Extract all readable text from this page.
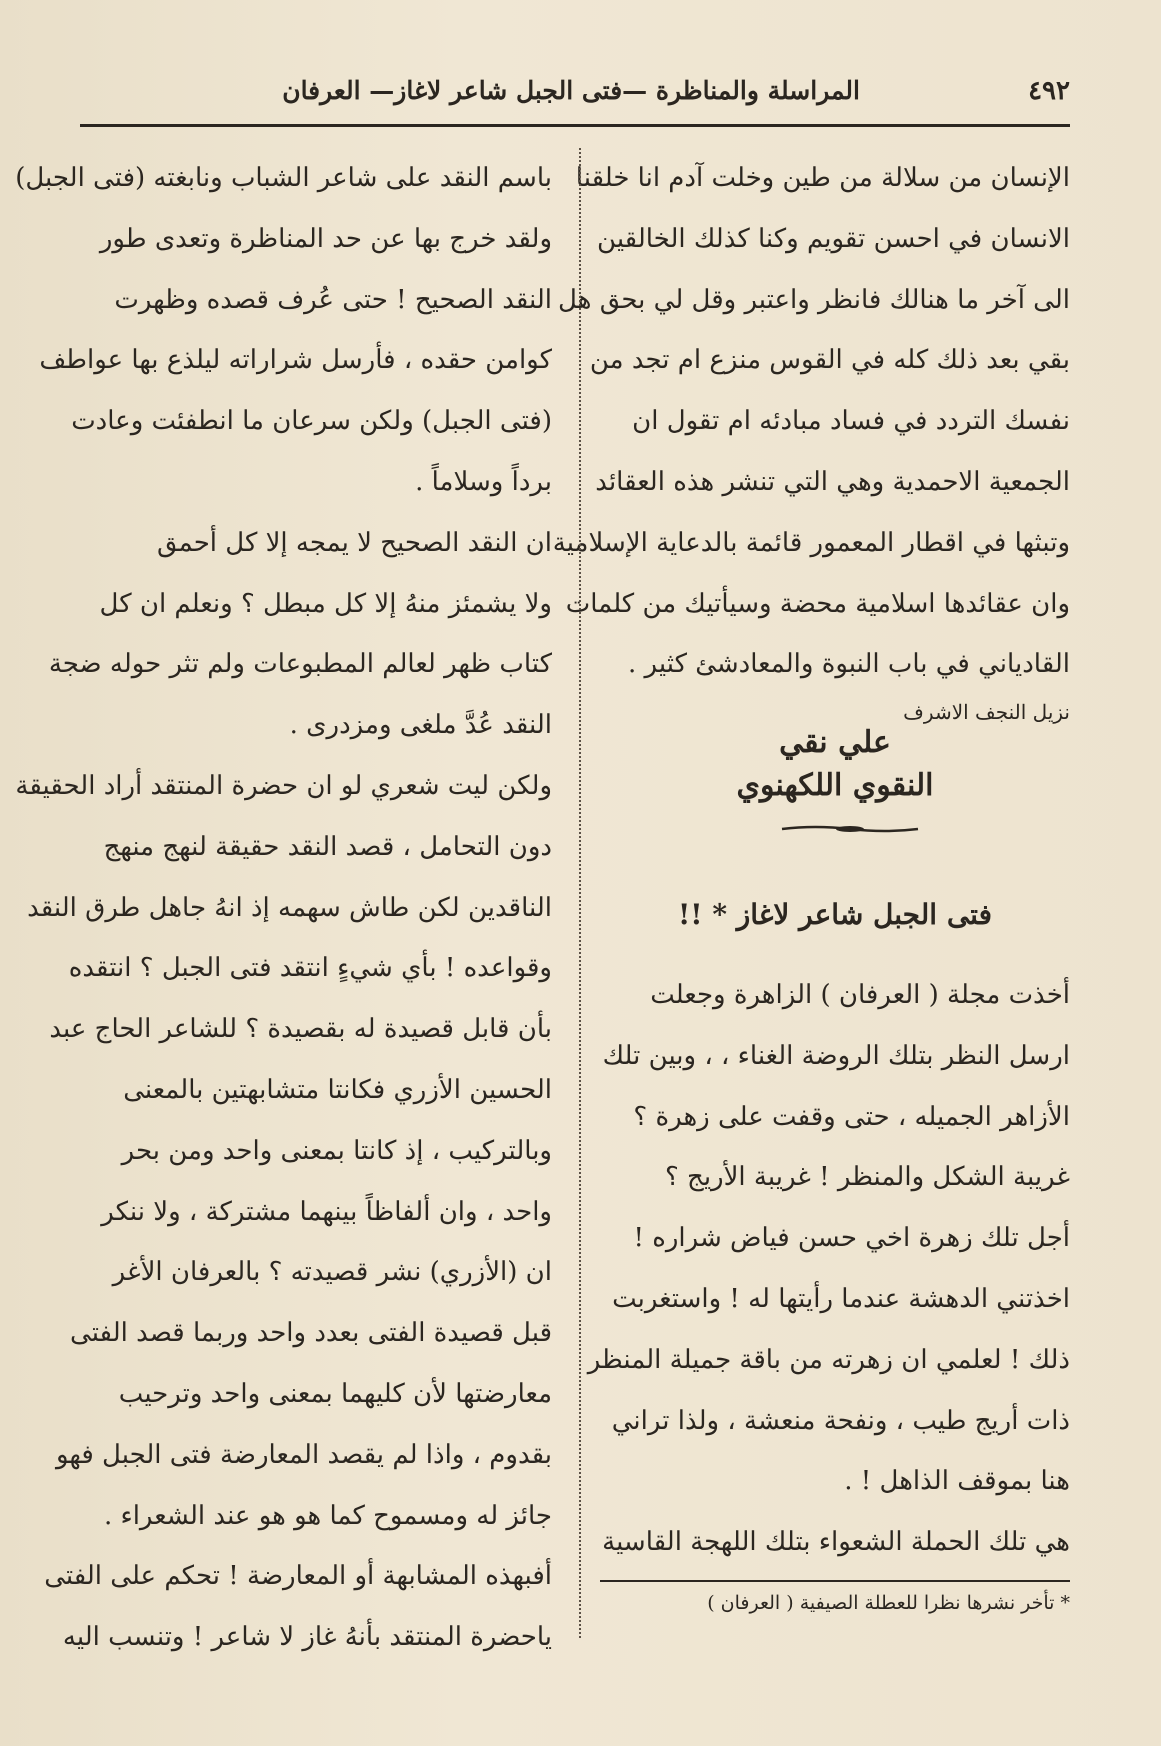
٤٩٢
المراسلة والمناظرة —فتى الجبل شاعر لاغاز— العرفان
الإنسان من سلالة من طين وخلت آدم انا خلقنا
الانسان في احسن تقويم وكنا كذلك الخالقين
الى آخر ما هنالك فانظر واعتبر وقل لي بحق هل
بقي بعد ذلك كله في القوس منزع ام تجد من
نفسك التردد في فساد مبادئه ام تقول ان
الجمعية الاحمدية وهي التي تنشر هذه العقائد
وتبثها في اقطار المعمور قائمة بالدعاية الإسلامية
وان عقائدها اسلامية محضة وسيأتيك من كلمات
القادياني في باب النبوة والمعادشئ كثير .
نزيل النجف الاشرف
علي نقي
النقوي اللكهنوي
فتى الجبل شاعر لاغاز * !!
أخذت مجلة ( العرفان ) الزاهرة وجعلت
ارسل النظر بتلك الروضة الغناء ، ، وبين تلك
الأزاهر الجميله ، حتى وقفت على زهرة ؟
غريبة الشكل والمنظر ! غريبة الأريج ؟
أجل تلك زهرة اخي حسن فياض شراره !
اخذتني الدهشة عندما رأيتها له ! واستغربت
ذلك ! لعلمي ان زهرته من باقة جميلة المنظر
ذات أريج طيب ، ونفحة منعشة ، ولذا تراني
هنا بموقف الذاهل ! .
هي تلك الحملة الشعواء بتلك اللهجة القاسية
* تأخر نشرها نظرا للعطلة الصيفية ( العرفان )
باسم النقد على شاعر الشباب ونابغته (فتى الجبل)
ولقد خرج بها عن حد المناظرة وتعدى طور
النقد الصحيح ! حتى عُرف قصده وظهرت
كوامن حقده ، فأرسل شراراته ليلذع بها عواطف
(فتى الجبل) ولكن سرعان ما انطفئت وعادت
برداً وسلاماً .
ان النقد الصحيح لا يمجه إلا كل أحمق
ولا يشمئز منهُ إلا كل مبطل ؟ ونعلم ان كل
كتاب ظهر لعالم المطبوعات ولم تثر حوله ضجة
النقد عُدَّ ملغى ومزدرى .
ولكن ليت شعري لو ان حضرة المنتقد أراد الحقيقة
دون التحامل ، قصد النقد حقيقة لنهج منهج
الناقدين لكن طاش سهمه إذ انهُ جاهل طرق النقد
وقواعده ! بأي شيءٍ انتقد فتى الجبل ؟ انتقده
بأن قابل قصيدة له بقصيدة ؟ للشاعر الحاج عبد
الحسين الأزري فكانتا متشابهتين بالمعنى
وبالتركيب ، إذ كانتا بمعنى واحد ومن بحر
واحد ، وان ألفاظاً بينهما مشتركة ، ولا ننكر
ان (الأزري) نشر قصيدته ؟ بالعرفان الأغر
قبل قصيدة الفتى بعدد واحد وربما قصد الفتى
معارضتها لأن كليهما بمعنى واحد وترحيب
بقدوم ، واذا لم يقصد المعارضة فتى الجبل فهو
جائز له ومسموح كما هو هو عند الشعراء .
أفبهذه المشابهة أو المعارضة ! تحكم على الفتى
ياحضرة المنتقد بأنهُ غاز لا شاعر ! وتنسب اليه
